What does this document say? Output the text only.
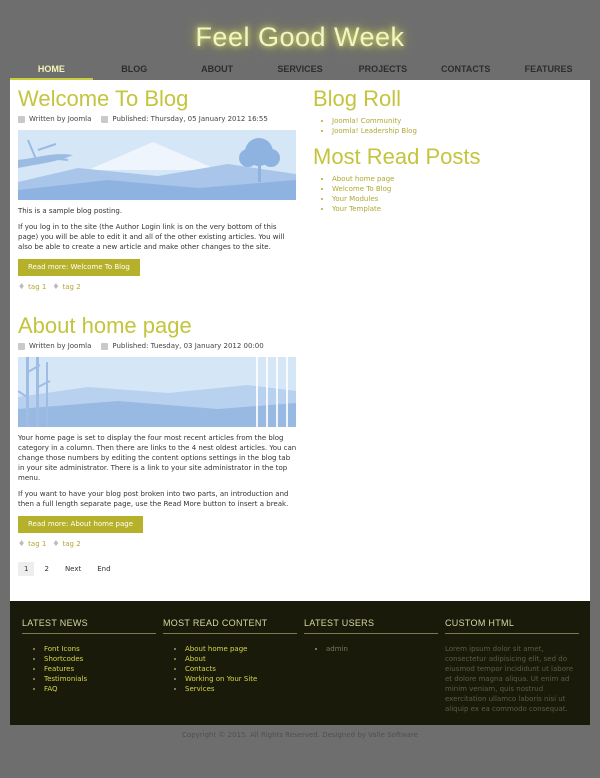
Feel Good Week
HOME	BLOG	ABOUT	SERVICES	PROJECTS	CONTACTS	FEATURES
Welcome To Blog
Written by Joomla	Published: Thursday, 05 January 2012 16:55

This is a sample blog posting.

If you log in to the site (the Author Login link is on the very bottom of this page) you will be able to edit it and all of the other existing articles. You will also be able to create a new article and make other changes to the site.

Read more: Welcome To Blog
♦ tag 1 ♦ tag 2
About home page
Written by Joomla	Published: Tuesday, 03 January 2012 00:00

Your home page is set to display the four most recent articles from the blog category in a column. Then there are links to the 4 nest oldest articles. You can change those numbers by editing the content options settings in the blog tab in your site administrator. There is a link to your site administrator in the top menu.

If you want to have your blog post broken into two parts, an introduction and then a full length separate page, use the Read More button to insert a break.

Read more: About home page
♦ tag 1 ♦ tag 2
1	2	Next	End
Blog Roll
• Joomla! Community
• Joomla! Leadership Blog
Most Read Posts
• About home page
• Welcome To Blog
• Your Modules
• Your Template
LATEST NEWS
• Font Icons
• Shortcodes
• Features
• Testimonials
• FAQ
MOST READ CONTENT
• About home page
• About
• Contacts
• Working on Your Site
• Services
LATEST USERS
• admin
CUSTOM HTML
Lorem ipsum dolor sit amet, consectetur adipisicing elit, sed do eiusmod tempor incididunt ut labore et dolore magna aliqua. Ut enim ad minim veniam, quis nostrud exercitation ullamco laboris nisi ut aliquip ex ea commodo consequat.
Copyright © 2015. All Rights Reserved. Designed by Valle Software
